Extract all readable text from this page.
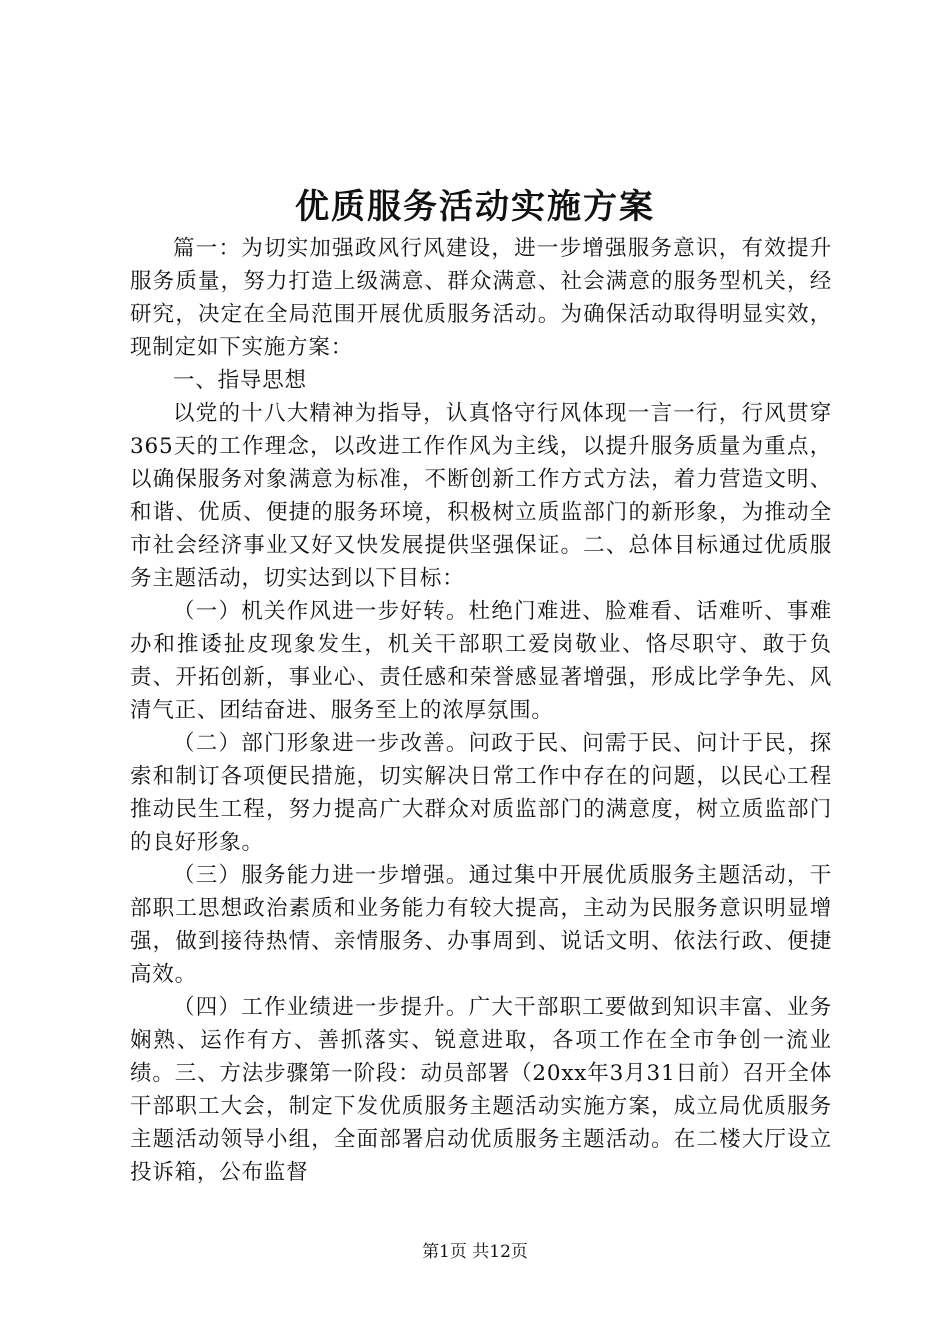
优质服务活动实施方案

篇一：为切实加强政风行风建设，进一步增强服务意识，有效提升服务质量，努力打造上级满意、群众满意、社会满意的服务型机关，经研究，决定在全局范围开展优质服务活动。为确保活动取得明显实效，现制定如下实施方案：

一、指导思想

以党的十八大精神为指导，认真恪守行风体现一言一行，行风贯穿365天的工作理念，以改进工作作风为主线，以提升服务质量为重点，以确保服务对象满意为标准，不断创新工作方式方法，着力营造文明、和谐、优质、便捷的服务环境，积极树立质监部门的新形象，为推动全市社会经济事业又好又快发展提供坚强保证。二、总体目标通过优质服务主题活动，切实达到以下目标：

（一）机关作风进一步好转。杜绝门难进、脸难看、话难听、事难办和推诿扯皮现象发生，机关干部职工爱岗敬业、恪尽职守、敢于负责、开拓创新，事业心、责任感和荣誉感显著增强，形成比学争先、风清气正、团结奋进、服务至上的浓厚氛围。

（二）部门形象进一步改善。问政于民、问需于民、问计于民，探索和制订各项便民措施，切实解决日常工作中存在的问题，以民心工程推动民生工程，努力提高广大群众对质监部门的满意度，树立质监部门的良好形象。

（三）服务能力进一步增强。通过集中开展优质服务主题活动，干部职工思想政治素质和业务能力有较大提高，主动为民服务意识明显增强，做到接待热情、亲情服务、办事周到、说话文明、依法行政、便捷高效。

（四）工作业绩进一步提升。广大干部职工要做到知识丰富、业务娴熟、运作有方、善抓落实、锐意进取，各项工作在全市争创一流业绩。三、方法步骤第一阶段：动员部署（20xx年3月31日前）召开全体干部职工大会，制定下发优质服务主题活动实施方案，成立局优质服务主题活动领导小组，全面部署启动优质服务主题活动。在二楼大厅设立投诉箱，公布监督

第1页 共12页
